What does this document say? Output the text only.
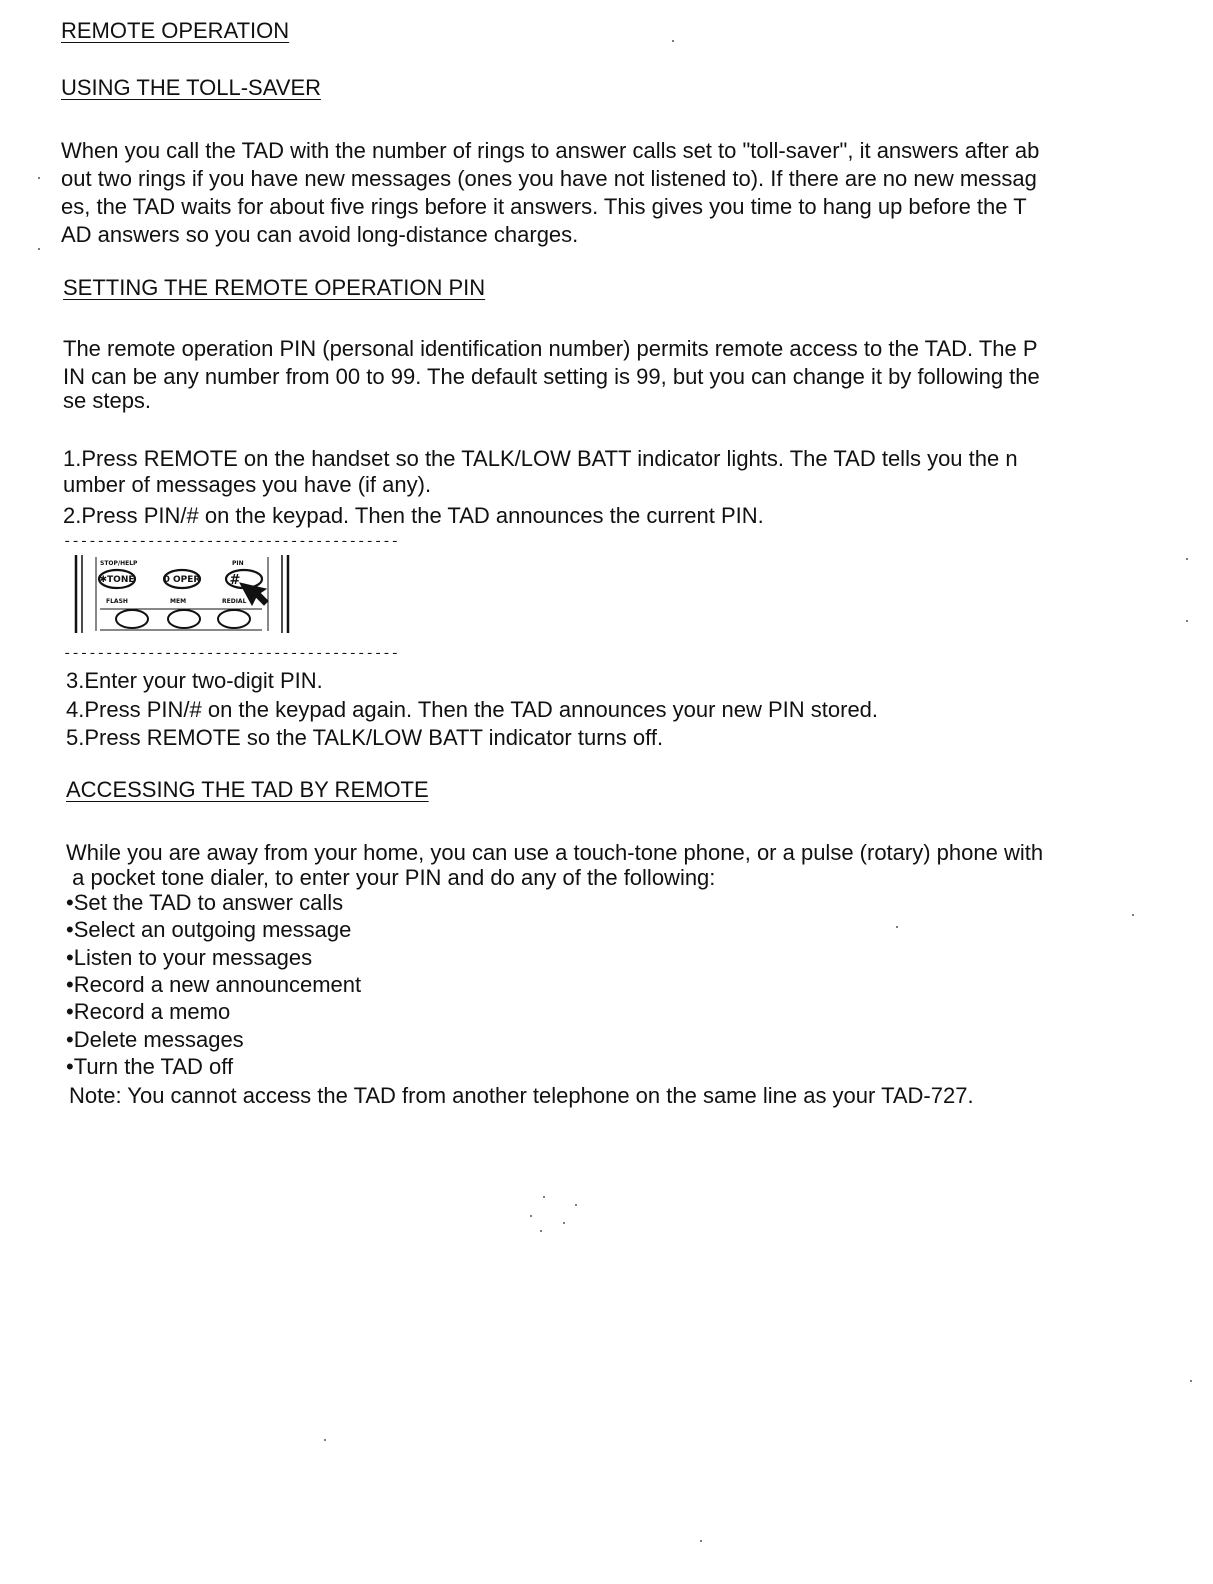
REMOTE OPERATION
USING THE TOLL-SAVER
When you call the TAD with the number of rings to answer calls set to "toll-saver", it answers after ab
out two rings if you have new messages (ones you have not listened to). If there are no new messag
es, the TAD waits for about five rings before it answers. This gives you time to hang up before the T
AD answers so you can avoid long-distance charges.
SETTING THE REMOTE OPERATION PIN
The remote operation PIN (personal identification number) permits remote access to the TAD. The P
IN can be any number from 00 to 99. The default setting is 99, but you can change it by following the
se steps.
1.Press REMOTE on the handset so the TALK/LOW BATT indicator lights. The TAD tells you the n
umber of messages you have (if any).
2.Press PIN/# on the keypad. Then the TAD announces the current PIN.
----------------------------------------
STOP/HELP	PIN
✱TONE	0 OPER #
FLASH	MEM	REDIAL
----------------------------------------
3.Enter your two-digit PIN.
4.Press PIN/# on the keypad again. Then the TAD announces your new PIN stored.
5.Press REMOTE so the TALK/LOW BATT indicator turns off.
ACCESSING THE TAD BY REMOTE
While you are away from your home, you can use a touch-tone phone, or a pulse (rotary) phone with
a pocket tone dialer, to enter your PIN and do any of the following:
•Set the TAD to answer calls
•Select an outgoing message
•Listen to your messages
•Record a new announcement
•Record a memo
•Delete messages
•Turn the TAD off
Note: You cannot access the TAD from another telephone on the same line as your TAD-727.
